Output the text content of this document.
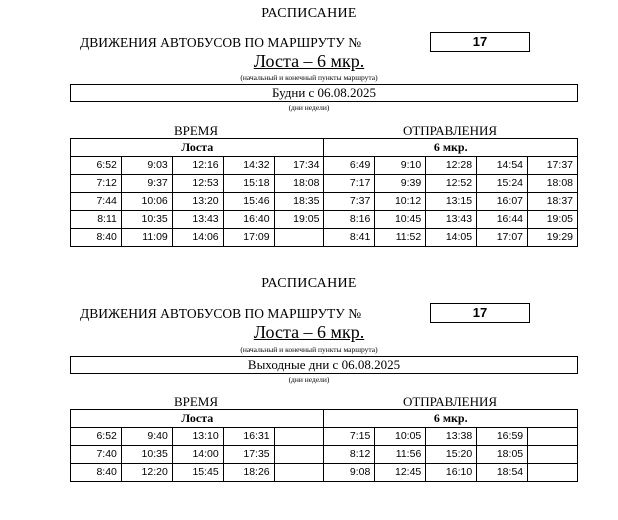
РАСПИСАНИЕ
ДВИЖЕНИЯ АВТОБУСОВ ПО МАРШРУТУ №	17
Лоста – 6 мкр.
(начальный и конечный пункты маршрута)
Будни с 06.08.2025
(дни недели)
ВРЕМЯ	ОТПРАВЛЕНИЯ
Лоста					6 мкр.				
6:52	9:03	12:16	14:32	17:34	6:49	9:10	12:28	14:54	17:37
7:12	9:37	12:53	15:18	18:08	7:17	9:39	12:52	15:24	18:08
7:44	10:06	13:20	15:46	18:35	7:37	10:12	13:15	16:07	18:37
8:11	10:35	13:43	16:40	19:05	8:16	10:45	13:43	16:44	19:05
8:40	11:09	14:06	17:09		8:41	11:52	14:05	17:07	19:29
РАСПИСАНИЕ
ДВИЖЕНИЯ АВТОБУСОВ ПО МАРШРУТУ №	17
Лоста – 6 мкр.
(начальный и конечный пункты маршрута)
Выходные дни с 06.08.2025
(дни недели)
ВРЕМЯ	ОТПРАВЛЕНИЯ
Лоста					6 мкр.				
6:52	9:40	13:10	16:31		7:15	10:05	13:38	16:59	
7:40	10:35	14:00	17:35		8:12	11:56	15:20	18:05	
8:40	12:20	15:45	18:26		9:08	12:45	16:10	18:54	
